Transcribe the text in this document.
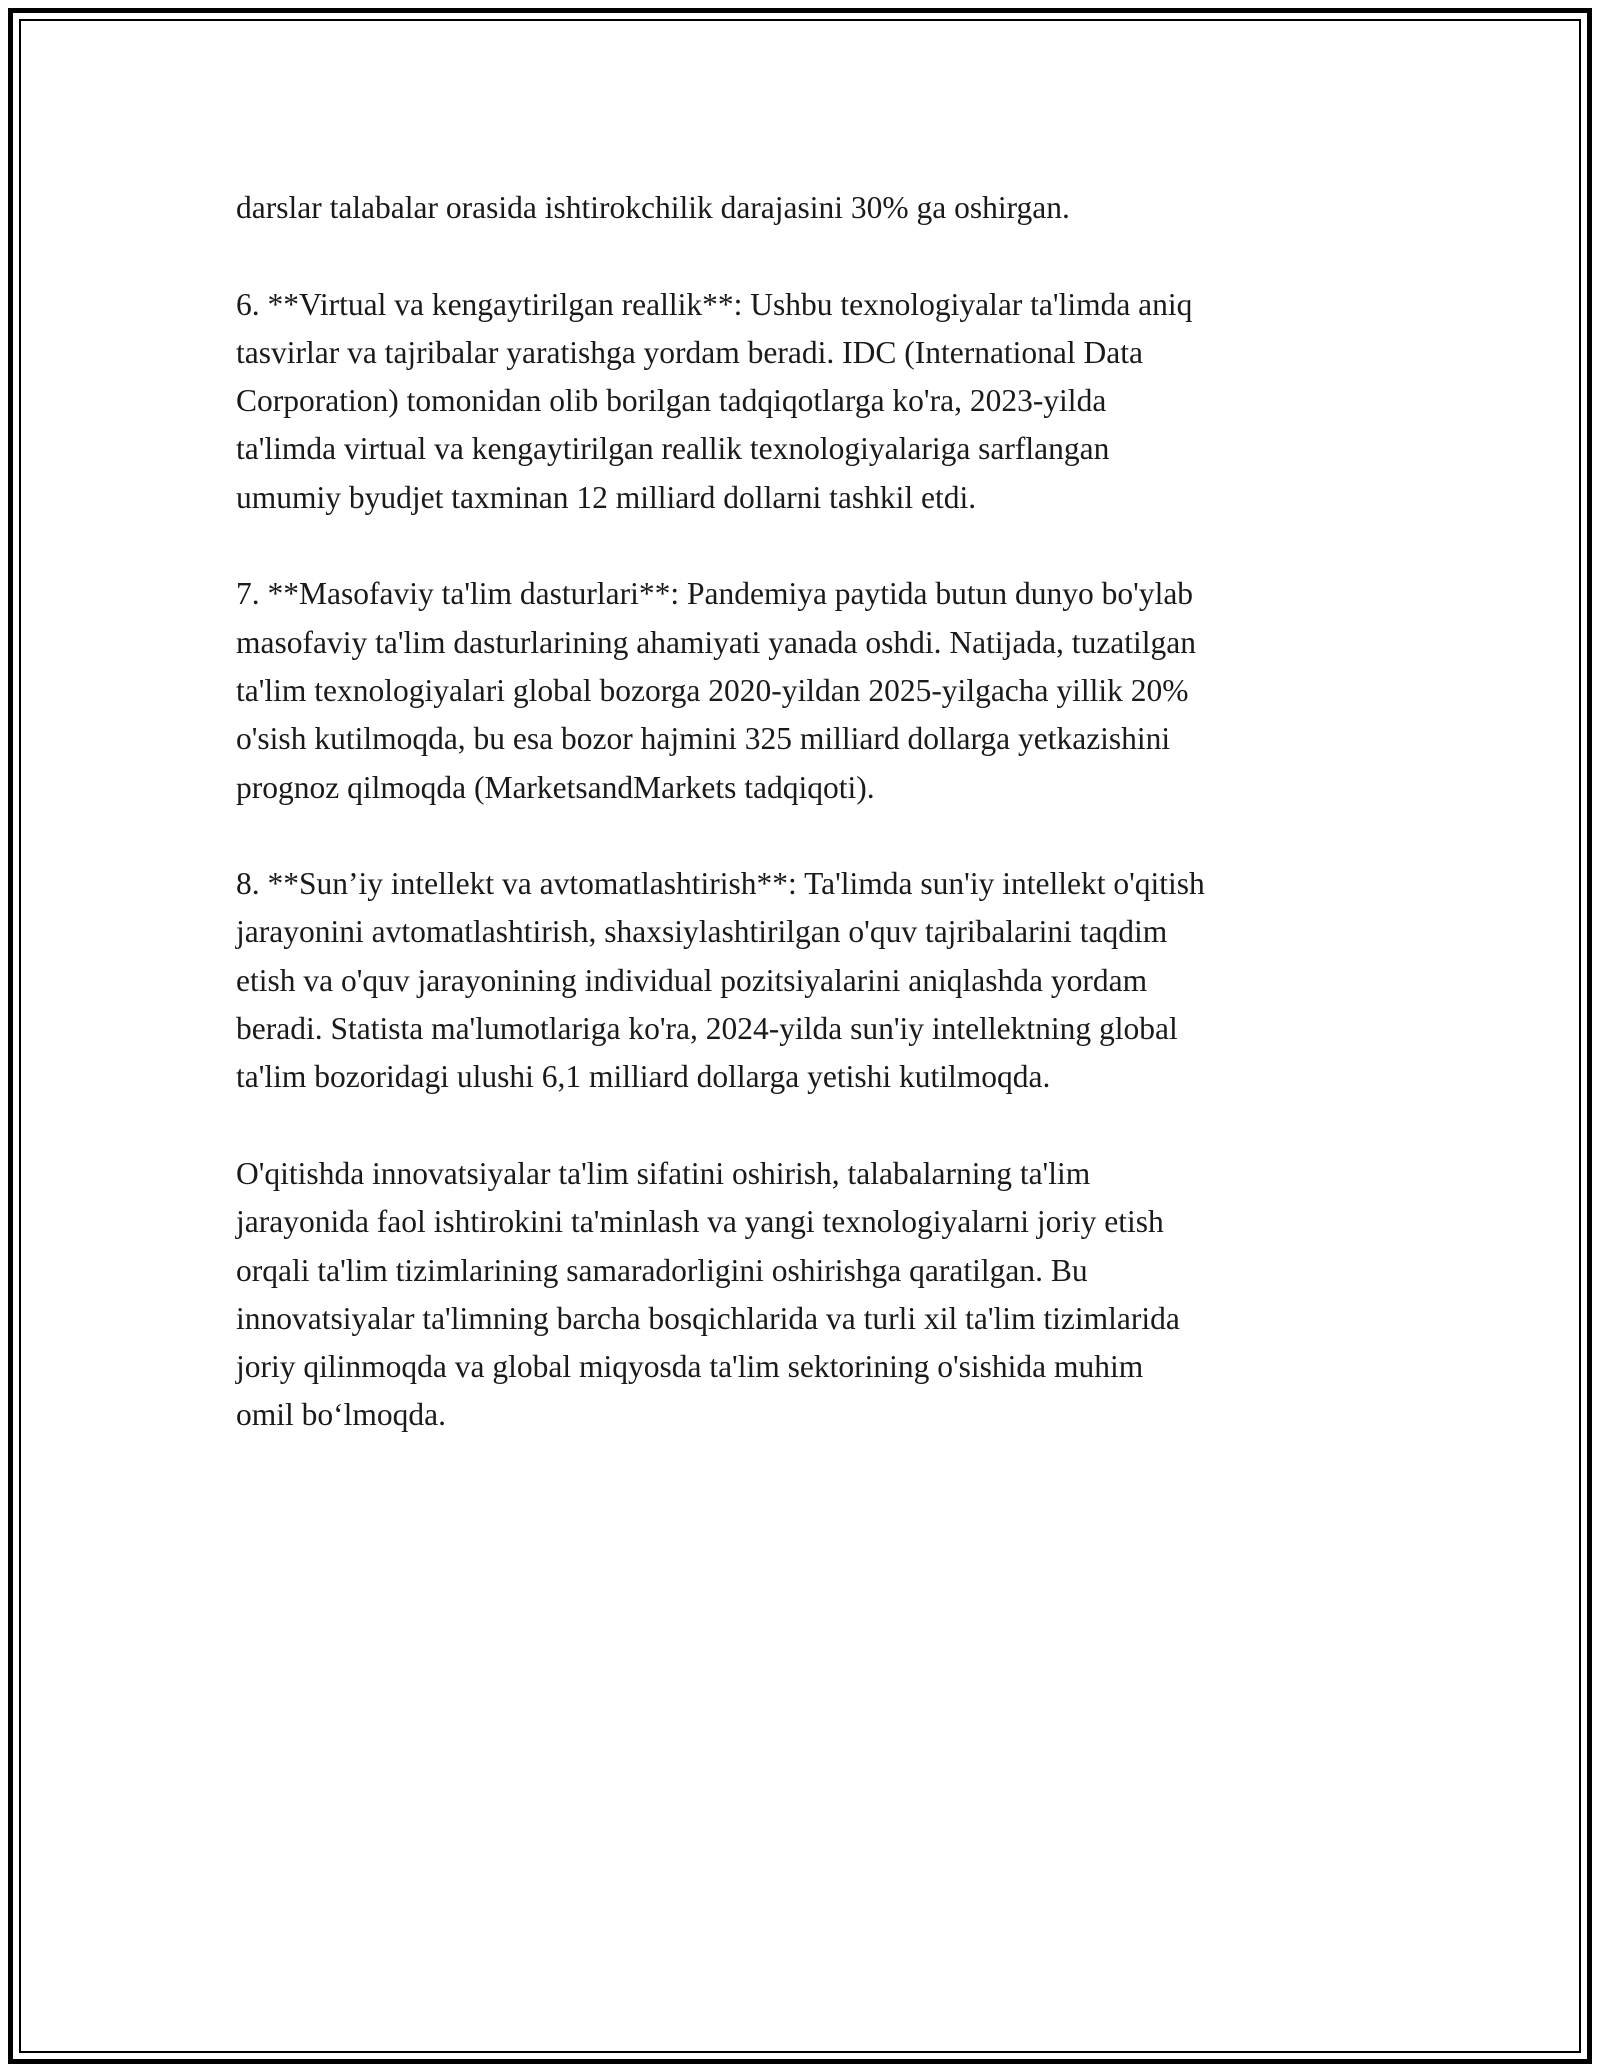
darslar talabalar orasida ishtirokchilik darajasini 30% ga oshirgan.

6. **Virtual va kengaytirilgan reallik**: Ushbu texnologiyalar ta'limda aniq
tasvirlar va tajribalar yaratishga yordam beradi. IDC (International Data
Corporation) tomonidan olib borilgan tadqiqotlarga ko'ra, 2023-yilda
ta'limda virtual va kengaytirilgan reallik texnologiyalariga sarflangan
umumiy byudjet taxminan 12 milliard dollarni tashkil etdi.

7. **Masofaviy ta'lim dasturlari**: Pandemiya paytida butun dunyo bo'ylab
masofaviy ta'lim dasturlarining ahamiyati yanada oshdi. Natijada, tuzatilgan
ta'lim texnologiyalari global bozorga 2020-yildan 2025-yilgacha yillik 20%
o'sish kutilmoqda, bu esa bozor hajmini 325 milliard dollarga yetkazishini
prognoz qilmoqda (MarketsandMarkets tadqiqoti).

8. **Sun’iy intellekt va avtomatlashtirish**: Ta'limda sun'iy intellekt o'qitish
jarayonini avtomatlashtirish, shaxsiylashtirilgan o'quv tajribalarini taqdim
etish va o'quv jarayonining individual pozitsiyalarini aniqlashda yordam
beradi. Statista ma'lumotlariga ko'ra, 2024-yilda sun'iy intellektning global
ta'lim bozoridagi ulushi 6,1 milliard dollarga yetishi kutilmoqda.

O'qitishda innovatsiyalar ta'lim sifatini oshirish, talabalarning ta'lim
jarayonida faol ishtirokini ta'minlash va yangi texnologiyalarni joriy etish
orqali ta'lim tizimlarining samaradorligini oshirishga qaratilgan. Bu
innovatsiyalar ta'limning barcha bosqichlarida va turli xil ta'lim tizimlarida
joriy qilinmoqda va global miqyosda ta'lim sektorining o'sishida muhim
omil bo‘lmoqda.
